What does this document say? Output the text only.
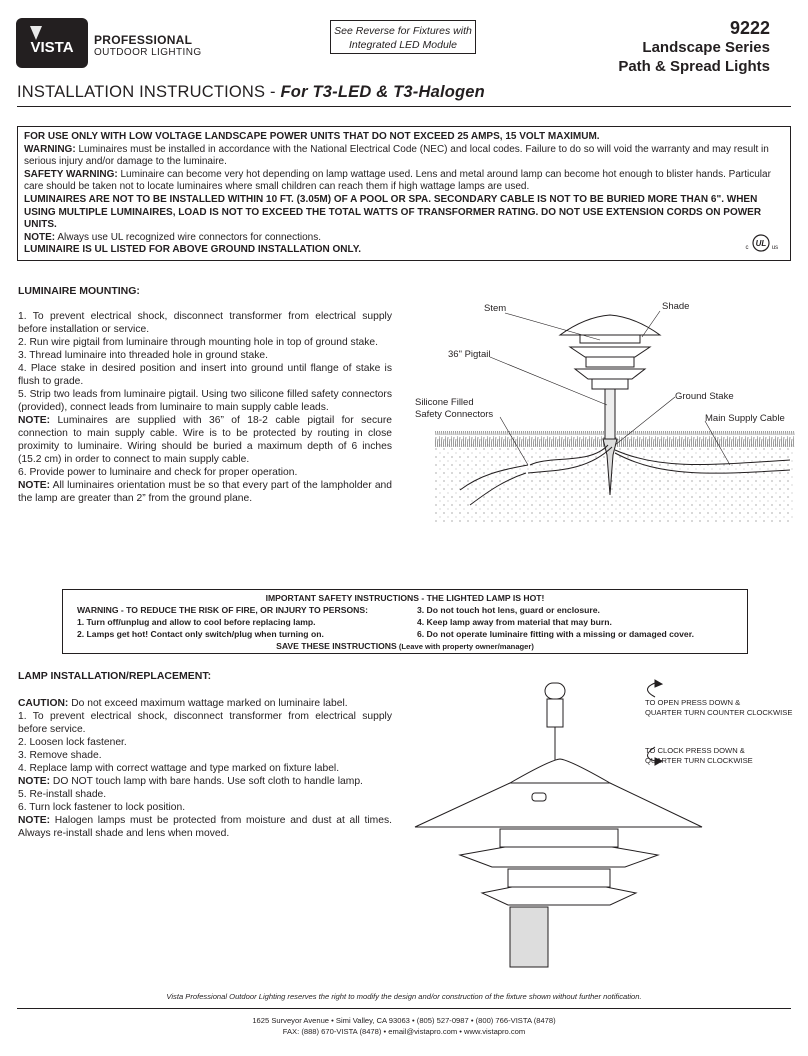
VISTA PROFESSIONAL
OUTDOOR LIGHTING
See Reverse for Fixtures with
Integrated LED Module
9222
Landscape Series
Path & Spread Lights
INSTALLATION INSTRUCTIONS - For T3-LED & T3-Halogen
FOR USE ONLY WITH LOW VOLTAGE LANDSCAPE POWER UNITS THAT DO NOT EXCEED 25 AMPS, 15 VOLT MAXIMUM.
WARNING: Luminaires must be installed in accordance with the National Electrical Code (NEC) and local codes. Failure to do so will void the warranty and may result in serious injury and/or damage to the luminaire.
SAFETY WARNING: Luminaire can become very hot depending on lamp wattage used. Lens and metal around lamp can become hot enough to blister hands. Particular care should be taken not to locate luminaires where small children can reach them if high wattage lamps are used.
LUMINAIRES ARE NOT TO BE INSTALLED WITHIN 10 FT. (3.05M) OF A POOL OR SPA. SECONDARY CABLE IS NOT TO BE BURIED MORE THAN 6". WHEN USING MULTIPLE LUMINAIRES, LOAD IS NOT TO EXCEED THE TOTAL WATTS OF TRANSFORMER RATING. DO NOT USE EXTENSION CORDS ON POWER UNITS.
NOTE: Always use UL recognized wire connectors for connections.
LUMINAIRE IS UL LISTED FOR ABOVE GROUND INSTALLATION ONLY.
UL
c	us
LUMINAIRE MOUNTING:

1. To prevent electrical shock, disconnect transformer from electrical supply before installation or service.

2. Run wire pigtail from luminaire through mounting hole in top of ground stake.

3. Thread luminaire into threaded hole in ground stake.

4. Place stake in desired position and insert into ground until flange of stake is flush to grade.

5. Strip two leads from luminaire pigtail. Using two silicone filled safety connectors (provided), connect leads from luminaire to main supply cable leads.

NOTE: Luminaires are supplied with 36” of 18-2 cable pigtail for secure connection to main supply cable. Wire is to be protected by routing in close proximity to luminaire. Wiring should be buried a maximum depth of 6 inches (15.2 cm) in order to connect to main supply cable.

6. Provide power to luminaire and check for proper operation.

NOTE: All luminaires orientation must be so that every part of the lampholder and the lamp are greater than 2” from the ground plane.

Stem	Shade
36" Pigtail
Silicone Filled
Safety Connectors
Ground Stake
Main Supply Cable
IMPORTANT SAFETY INSTRUCTIONS - THE LIGHTED LAMP IS HOT!
WARNING - TO REDUCE THE RISK OF FIRE, OR INJURY TO PERSONS:
1. Turn off/unplug and allow to cool before replacing lamp.
2. Lamps get hot! Contact only switch/plug when turning on.
3. Do not touch hot lens, guard or enclosure.
4. Keep lamp away from material that may burn.
6. Do not operate luminaire fitting with a missing or damaged cover.
SAVE THESE INSTRUCTIONS (Leave with property owner/manager)
LAMP INSTALLATION/REPLACEMENT:

CAUTION: Do not exceed maximum wattage marked on luminaire label.

1. To prevent electrical shock, disconnect transformer from electrical supply before service.

2. Loosen lock fastener.

3. Remove shade.

4. Replace lamp with correct wattage and type marked on fixture label.

NOTE: DO NOT touch lamp with bare hands. Use soft cloth to handle lamp.

5. Re-install shade.

6. Turn lock fastener to lock position.

NOTE: Halogen lamps must be protected from moisture and dust at all times. Always re-install shade and lens when moved.

TO OPEN PRESS DOWN &
QUARTER TURN COUNTER CLOCKWISE
TO CLOCK PRESS DOWN &
QUARTER TURN CLOCKWISE
Vista Professional Outdoor Lighting reserves the right to modify the design and/or construction of the fixture shown without further notification.
1625 Surveyor Avenue • Simi Valley, CA 93063 • (805) 527-0987 • (800) 766-VISTA (8478)
FAX: (888) 670-VISTA (8478) • email@vistapro.com • www.vistapro.com
